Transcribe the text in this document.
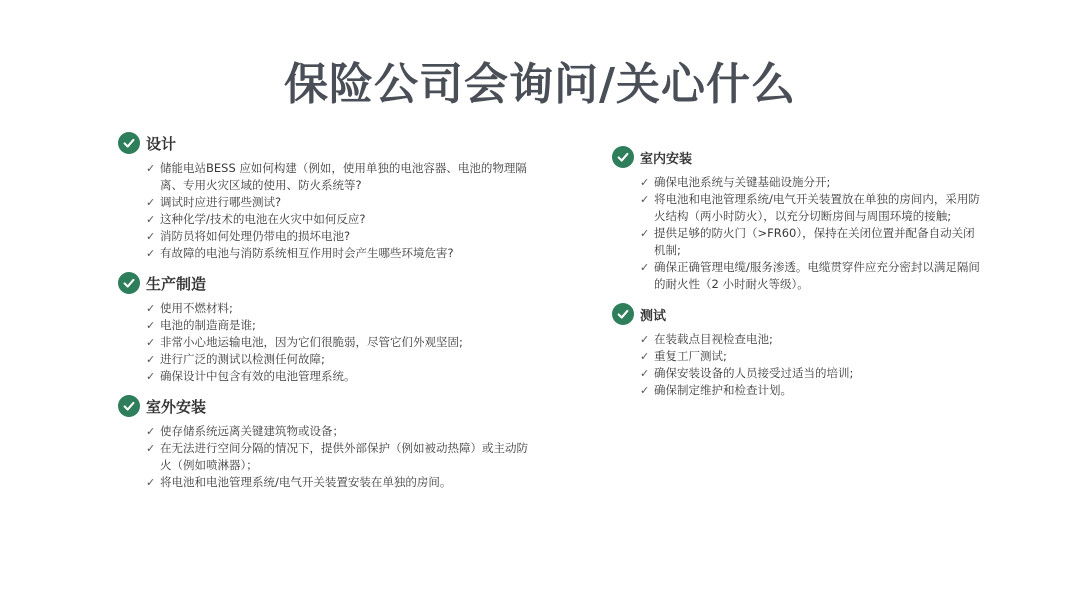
保险公司会询问/关心什么
设计
✓ 储能电站BESS 应如何构建（例如，使用单独的电池容器、电池的物理隔离、专用火灾区域的使用、防火系统等?
✓ 调试时应进行哪些测试?
✓ 这种化学/技术的电池在火灾中如何反应?
✓ 消防员将如何处理仍带电的损坏电池?
✓ 有故障的电池与消防系统相互作用时会产生哪些环境危害?
生产制造
✓ 使用不燃材料;
✓ 电池的制造商是谁;
✓ 非常小心地运输电池，因为它们很脆弱，尽管它们外观坚固;
✓ 进行广泛的测试以检测任何故障;
✓ 确保设计中包含有效的电池管理系统。
室外安装
✓ 使存储系统远离关键建筑物或设备；
✓ 在无法进行空间分隔的情况下，提供外部保护（例如被动热障）或主动防火（例如喷淋器）；
✓ 将电池和电池管理系统/电气开关装置安装在单独的房间。
室内安装
✓ 确保电池系统与关键基础设施分开;
✓ 将电池和电池管理系统/电气开关装置放在单独的房间内，采用防火结构（两小时防火），以充分切断房间与周围环境的接触;
✓ 提供足够的防火门（>FR60），保持在关闭位置并配备自动关闭机制;
✓ 确保正确管理电缆/服务渗透。电缆贯穿件应充分密封以满足隔间的耐火性（2 小时耐火等级）。
测试
✓ 在装载点目视检查电池;
✓ 重复工厂测试;
✓ 确保安装设备的人员接受过适当的培训;
✓ 确保制定维护和检查计划。
